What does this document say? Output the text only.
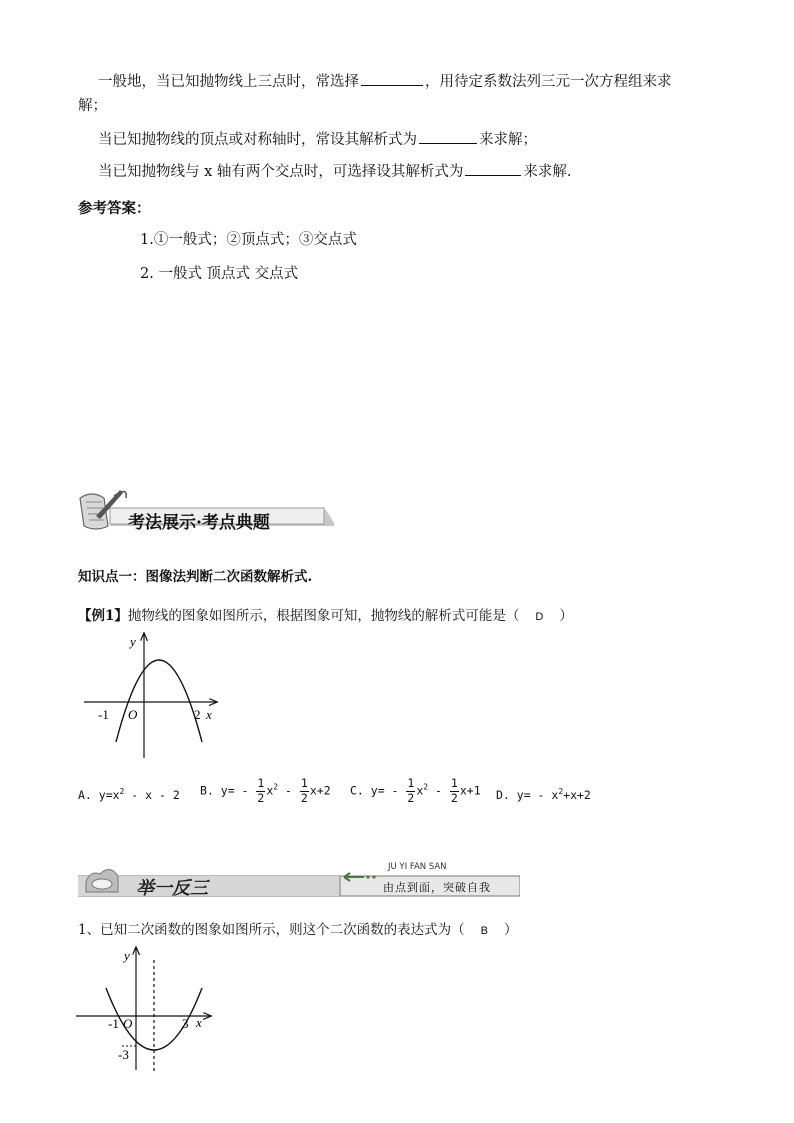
一般地，当已知抛物线上三点时，常选择	，用待定系数法列三元一次方程组来求
解；
当已知抛物线的顶点或对称轴时，常设其解析式为	来求解；
当已知抛物线与 x 轴有两个交点时，可选择设其解析式为	来求解.
参考答案：
1.①一般式；②顶点式；③交点式
2. 一般式 顶点式 交点式
考法展示·考点典题
知识点一：图像法判断二次函数解析式.
【例1】抛物线的图象如图所示，根据图象可知，抛物线的解析式可能是（ D ）
y
x
O
-1	2
A. $y=x^2 - x - 2$ B. $y= - \frac{1}{2} x^2 - \frac{1}{2} x+2$ C. $y= - \frac{1}{2} x^2 - \frac{1}{2} x+1$ D. $y= - x^2+x+2$
举一反三
JU YI FAN SAN
由点到面，突破自我
1、已知二次函数的图象如图所示，则这个二次函数的表达式为（ B ）
y
x
O
-1	3
-3
